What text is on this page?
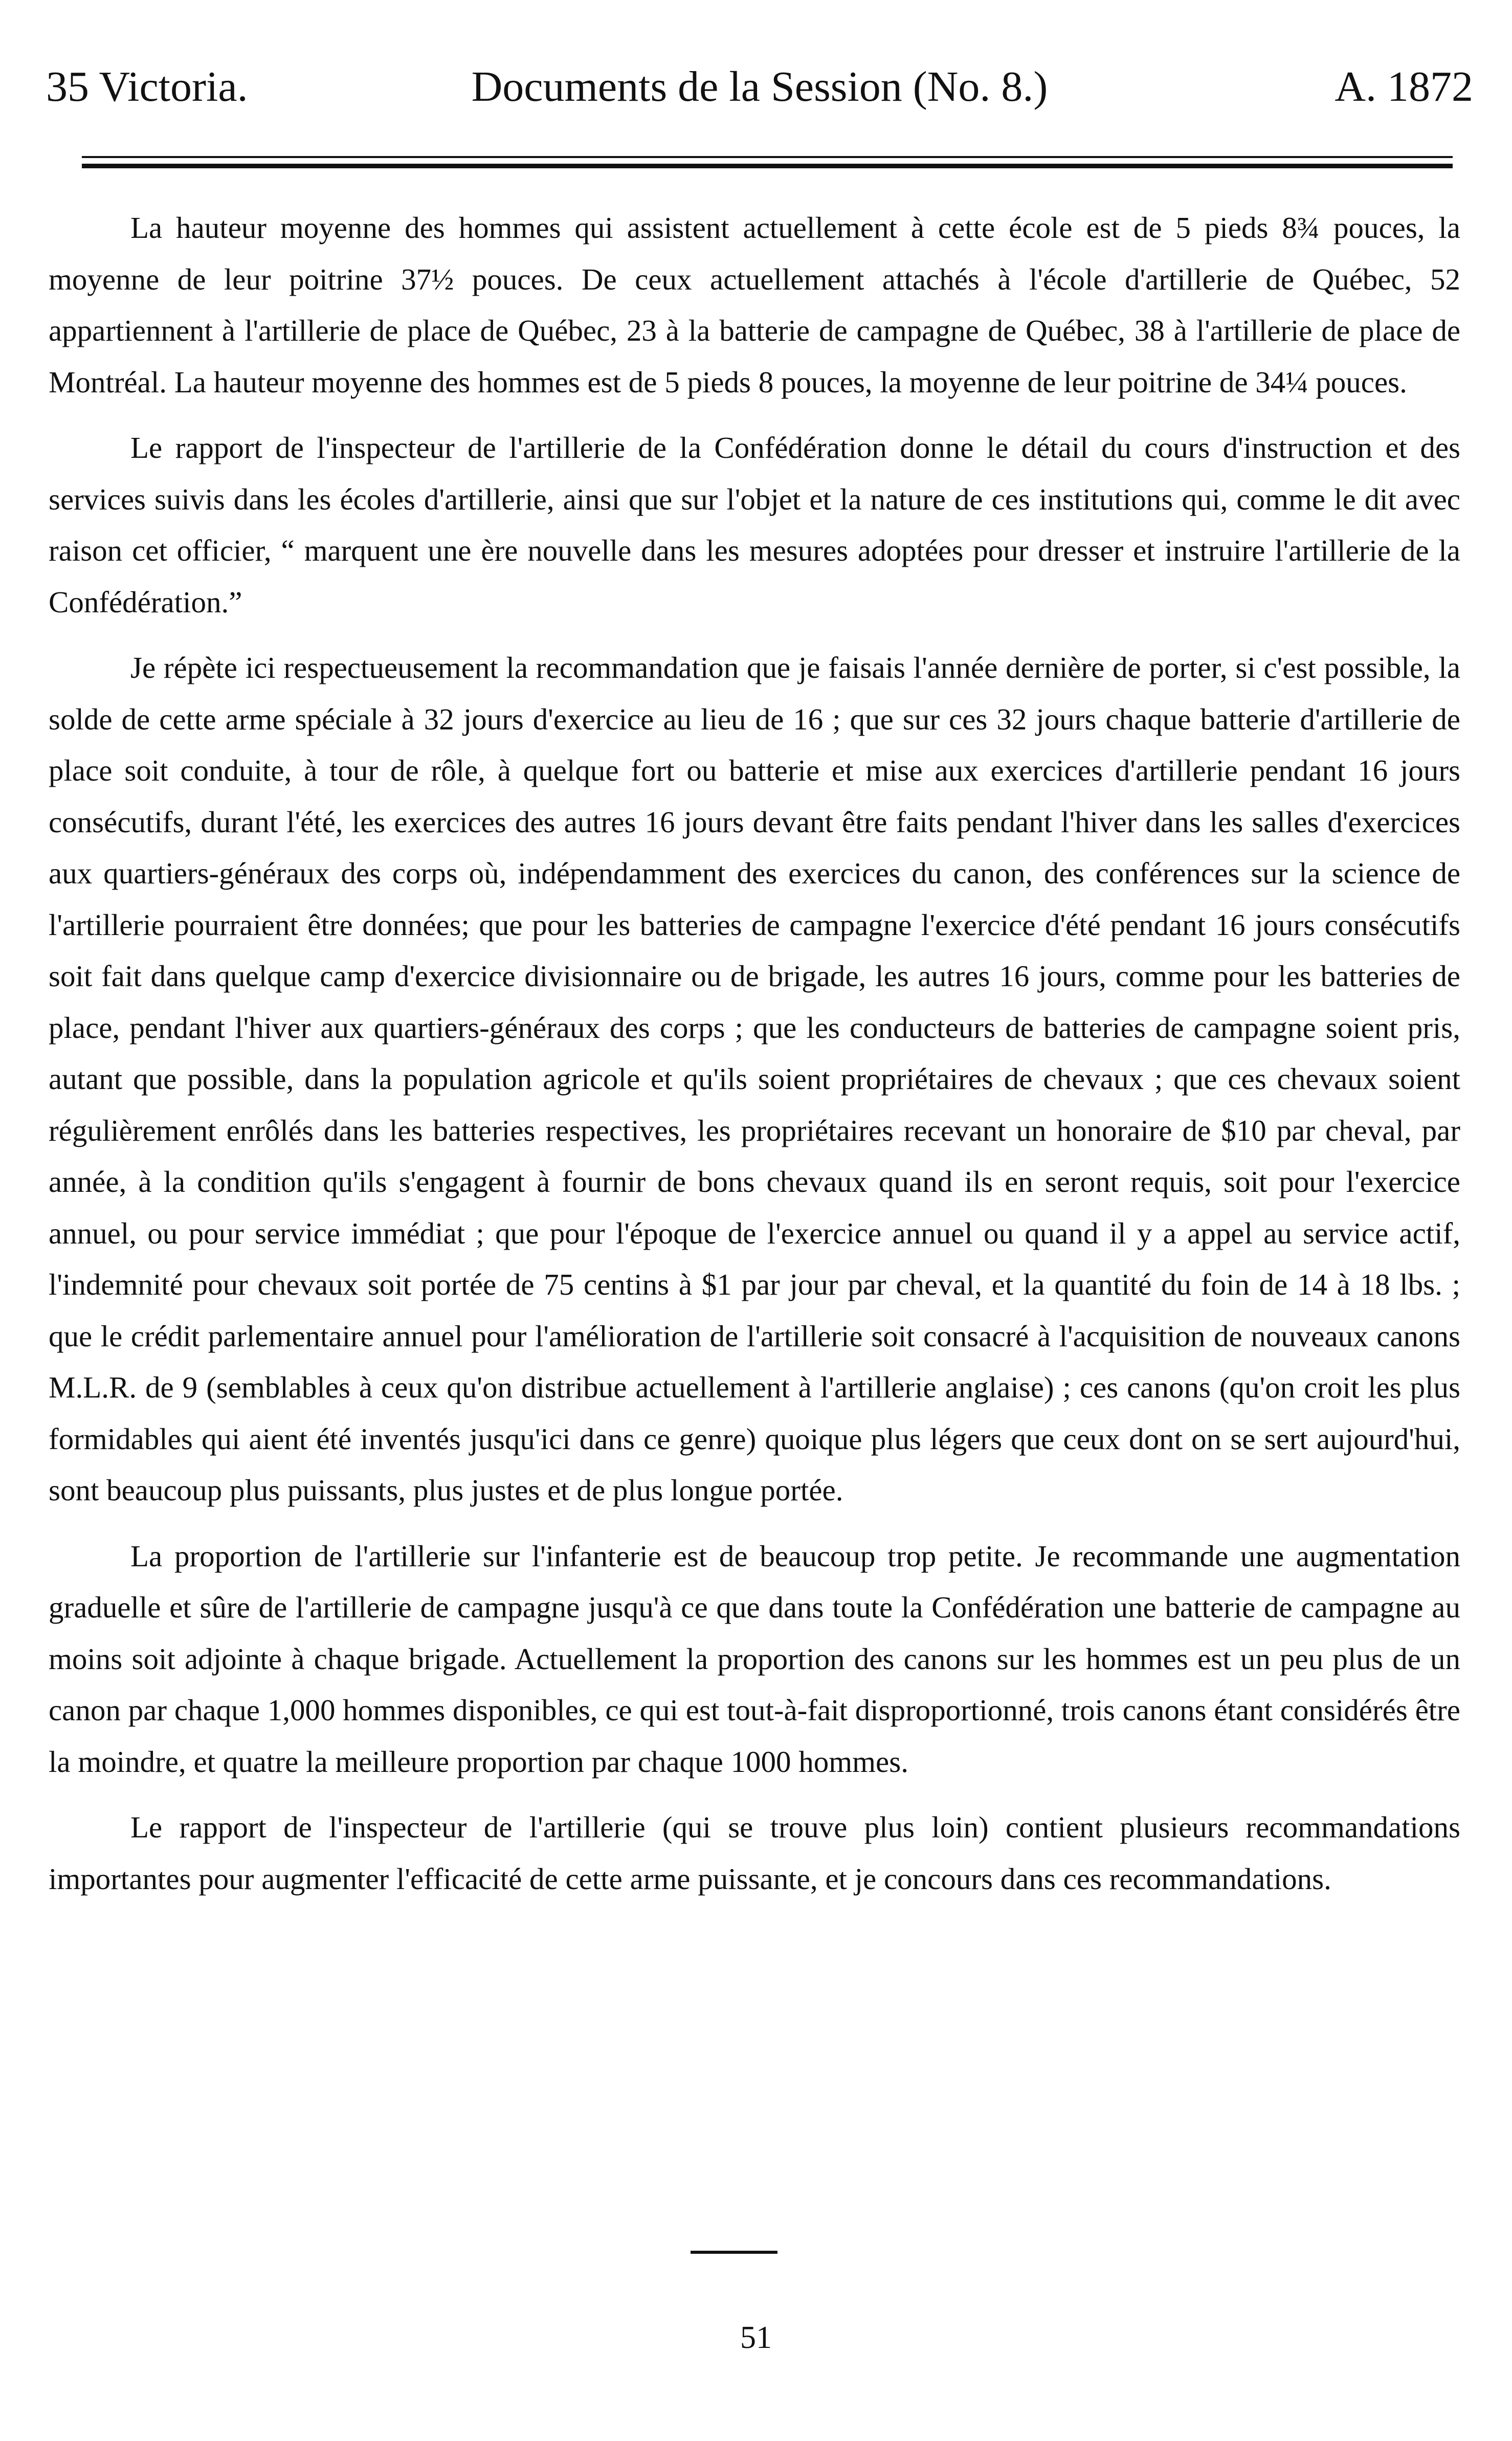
35 Victoria.	Documents de la Session (No. 8.)	A. 1872

La hauteur moyenne des hommes qui assistent actuellement à cette école est de 5 pieds 8¾ pouces, la moyenne de leur poitrine 37½ pouces. De ceux actuellement attachés à l'école d'artillerie de Québec, 52 appartiennent à l'artillerie de place de Québec, 23 à la batterie de campagne de Québec, 38 à l'artillerie de place de Montréal. La hauteur moyenne des hommes est de 5 pieds 8 pouces, la moyenne de leur poitrine de 34¼ pouces.

Le rapport de l'inspecteur de l'artillerie de la Confédération donne le détail du cours d'instruction et des services suivis dans les écoles d'artillerie, ainsi que sur l'objet et la nature de ces institutions qui, comme le dit avec raison cet officier, “ marquent une ère nouvelle dans les mesures adoptées pour dresser et instruire l'artillerie de la Confédération.”

Je répète ici respectueusement la recommandation que je faisais l'année dernière de porter, si c'est possible, la solde de cette arme spéciale à 32 jours d'exercice au lieu de 16 ; que sur ces 32 jours chaque batterie d'artillerie de place soit conduite, à tour de rôle, à quelque fort ou batterie et mise aux exercices d'artillerie pendant 16 jours consécutifs, durant l'été, les exercices des autres 16 jours devant être faits pendant l'hiver dans les salles d'exercices aux quartiers-généraux des corps où, indépendamment des exercices du canon, des conférences sur la science de l'artillerie pourraient être données; que pour les batteries de campagne l'exercice d'été pendant 16 jours consécutifs soit fait dans quelque camp d'exercice divisionnaire ou de brigade, les autres 16 jours, comme pour les batteries de place, pendant l'hiver aux quartiers-généraux des corps ; que les conducteurs de batteries de campagne soient pris, autant que possible, dans la population agricole et qu'ils soient propriétaires de chevaux ; que ces chevaux soient régulièrement enrôlés dans les batteries respectives, les propriétaires recevant un honoraire de $10 par cheval, par année, à la condition qu'ils s'engagent à fournir de bons chevaux quand ils en seront requis, soit pour l'exercice annuel, ou pour service immédiat ; que pour l'époque de l'exercice annuel ou quand il y a appel au service actif, l'indemnité pour chevaux soit portée de 75 centins à $1 par jour par cheval, et la quantité du foin de 14 à 18 lbs. ; que le crédit parlementaire annuel pour l'amélioration de l'artillerie soit consacré à l'acquisition de nouveaux canons M.L.R. de 9 (semblables à ceux qu'on distribue actuellement à l'artillerie anglaise) ; ces canons (qu'on croit les plus formidables qui aient été inventés jusqu'ici dans ce genre) quoique plus légers que ceux dont on se sert aujourd'hui, sont beaucoup plus puissants, plus justes et de plus longue portée.

La proportion de l'artillerie sur l'infanterie est de beaucoup trop petite. Je recommande une augmentation graduelle et sûre de l'artillerie de campagne jusqu'à ce que dans toute la Confédération une batterie de campagne au moins soit adjointe à chaque brigade. Actuellement la proportion des canons sur les hommes est un peu plus de un canon par chaque 1,000 hommes disponibles, ce qui est tout-à-fait disproportionné, trois canons étant considérés être la moindre, et quatre la meilleure proportion par chaque 1000 hommes.

Le rapport de l'inspecteur de l'artillerie (qui se trouve plus loin) contient plusieurs recommandations importantes pour augmenter l'efficacité de cette arme puissante, et je concours dans ces recommandations.

51
